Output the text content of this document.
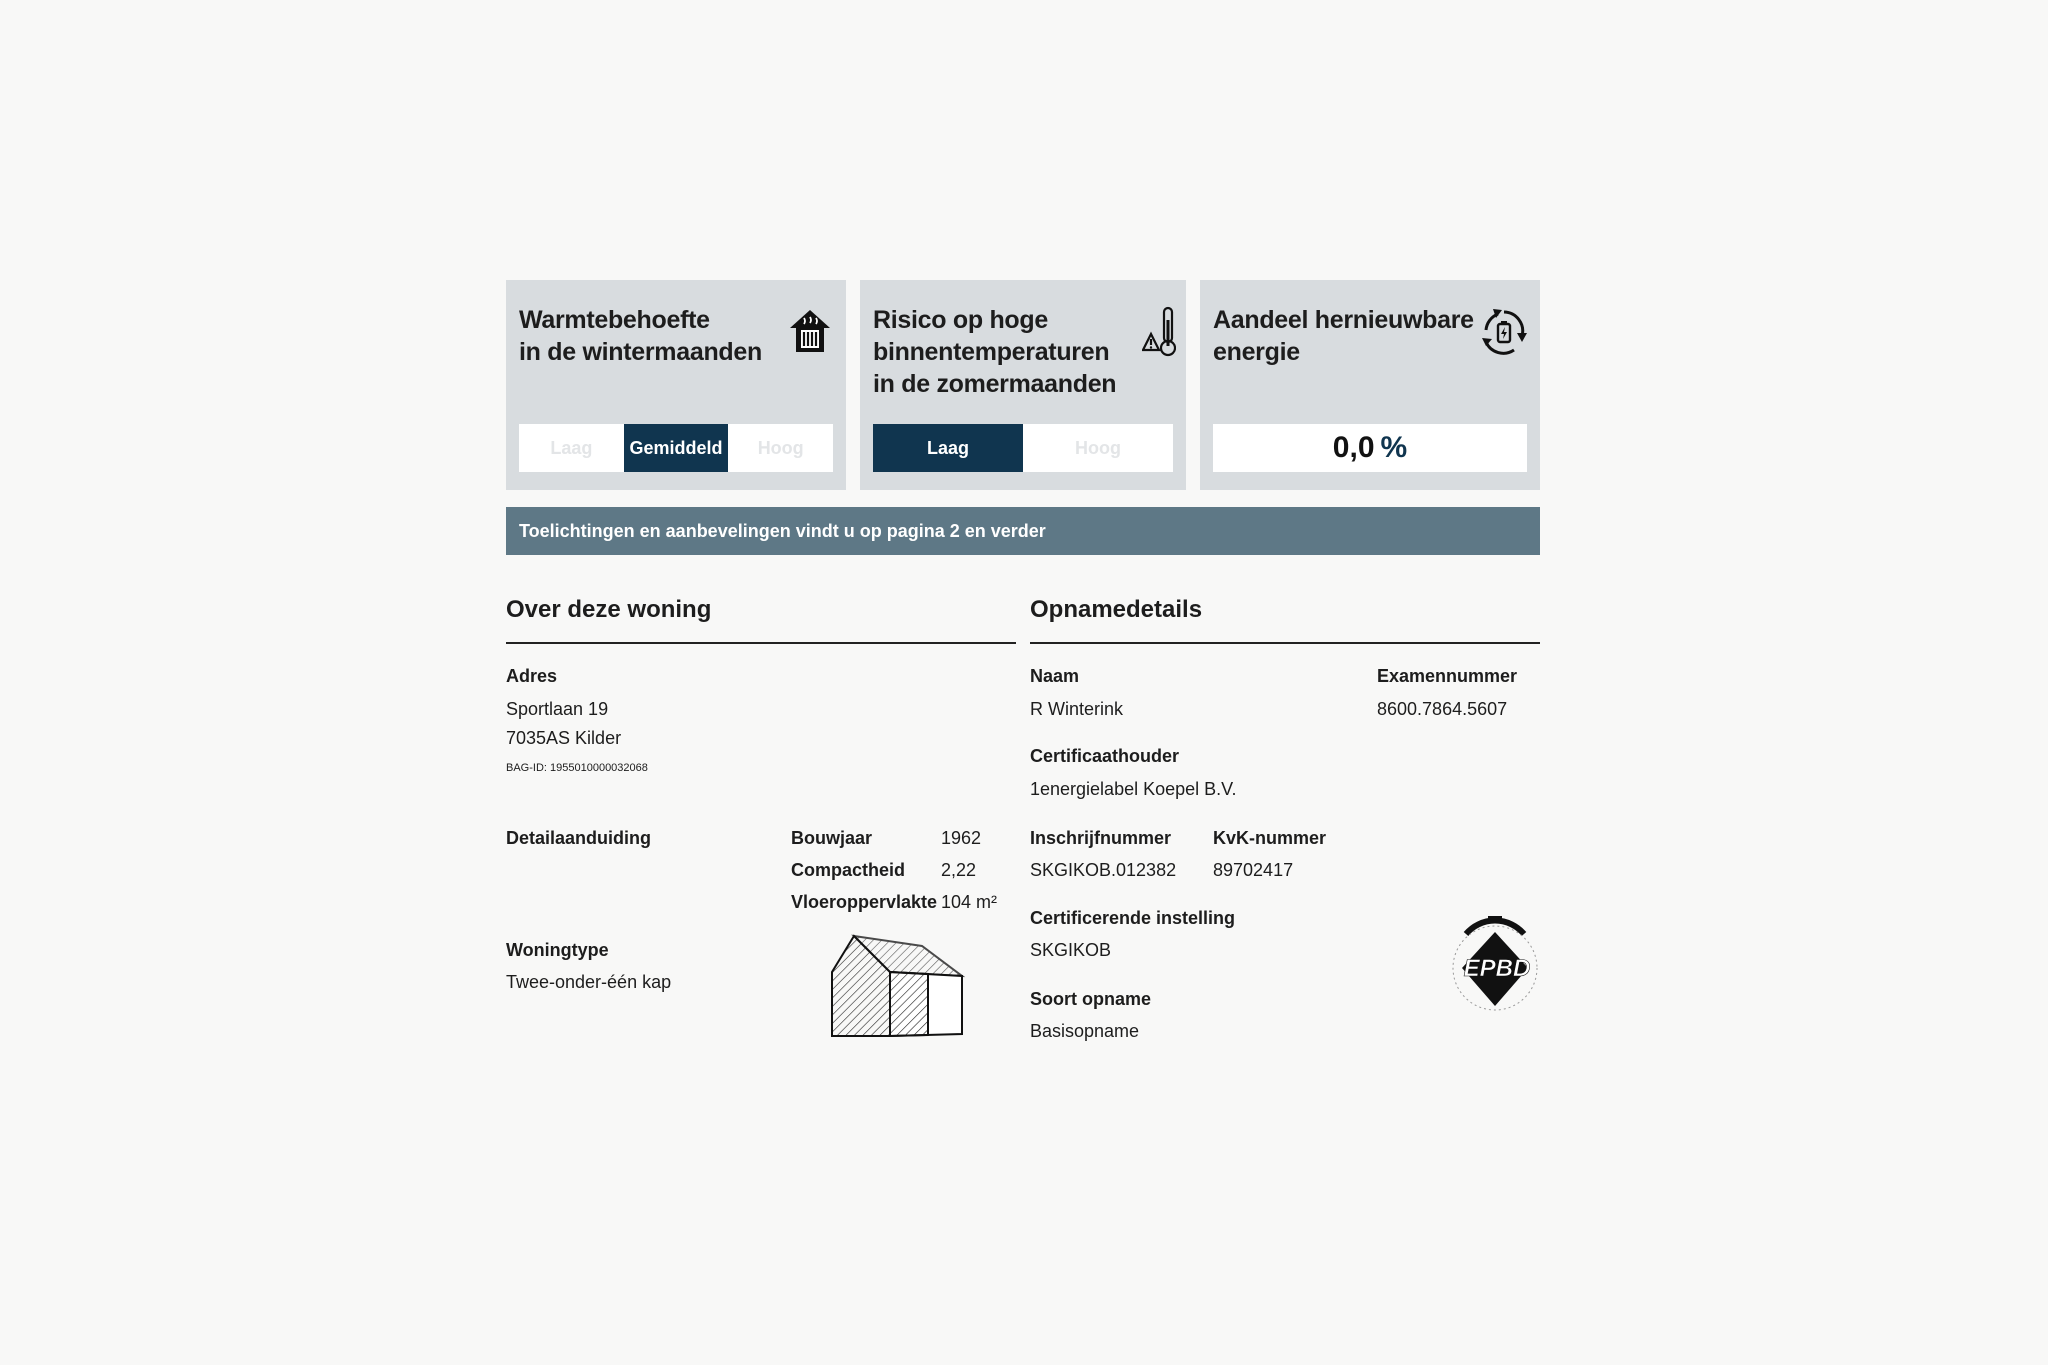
Warmtebehoefte
in de wintermaanden
Laag	Gemiddeld	Hoog
Risico op hoge
binnentemperaturen
in de zomermaanden
Laag	Hoog
Aandeel hernieuwbare
energie
0,0 %
Toelichtingen en aanbevelingen vindt u op pagina 2 en verder
Over deze woning
Adres
Sportlaan 19
7035AS Kilder
BAG-ID: 1955010000032068
Detailaanduiding	Bouwjaar	1962
Compactheid 2,22
Vloeroppervlakte 104 m²
Woningtype
Twee-onder-één kap
Opnamedetails
Naam
R Winterink
Examennummer
8600.7864.5607
Certificaathouder
1energielabel Koepel B.V.
Inschrijfnummer
SKGIKOB.012382
KvK-nummer
89702417
Certificerende instelling
SKGIKOB
Soort opname
Basisopname
EPBD
